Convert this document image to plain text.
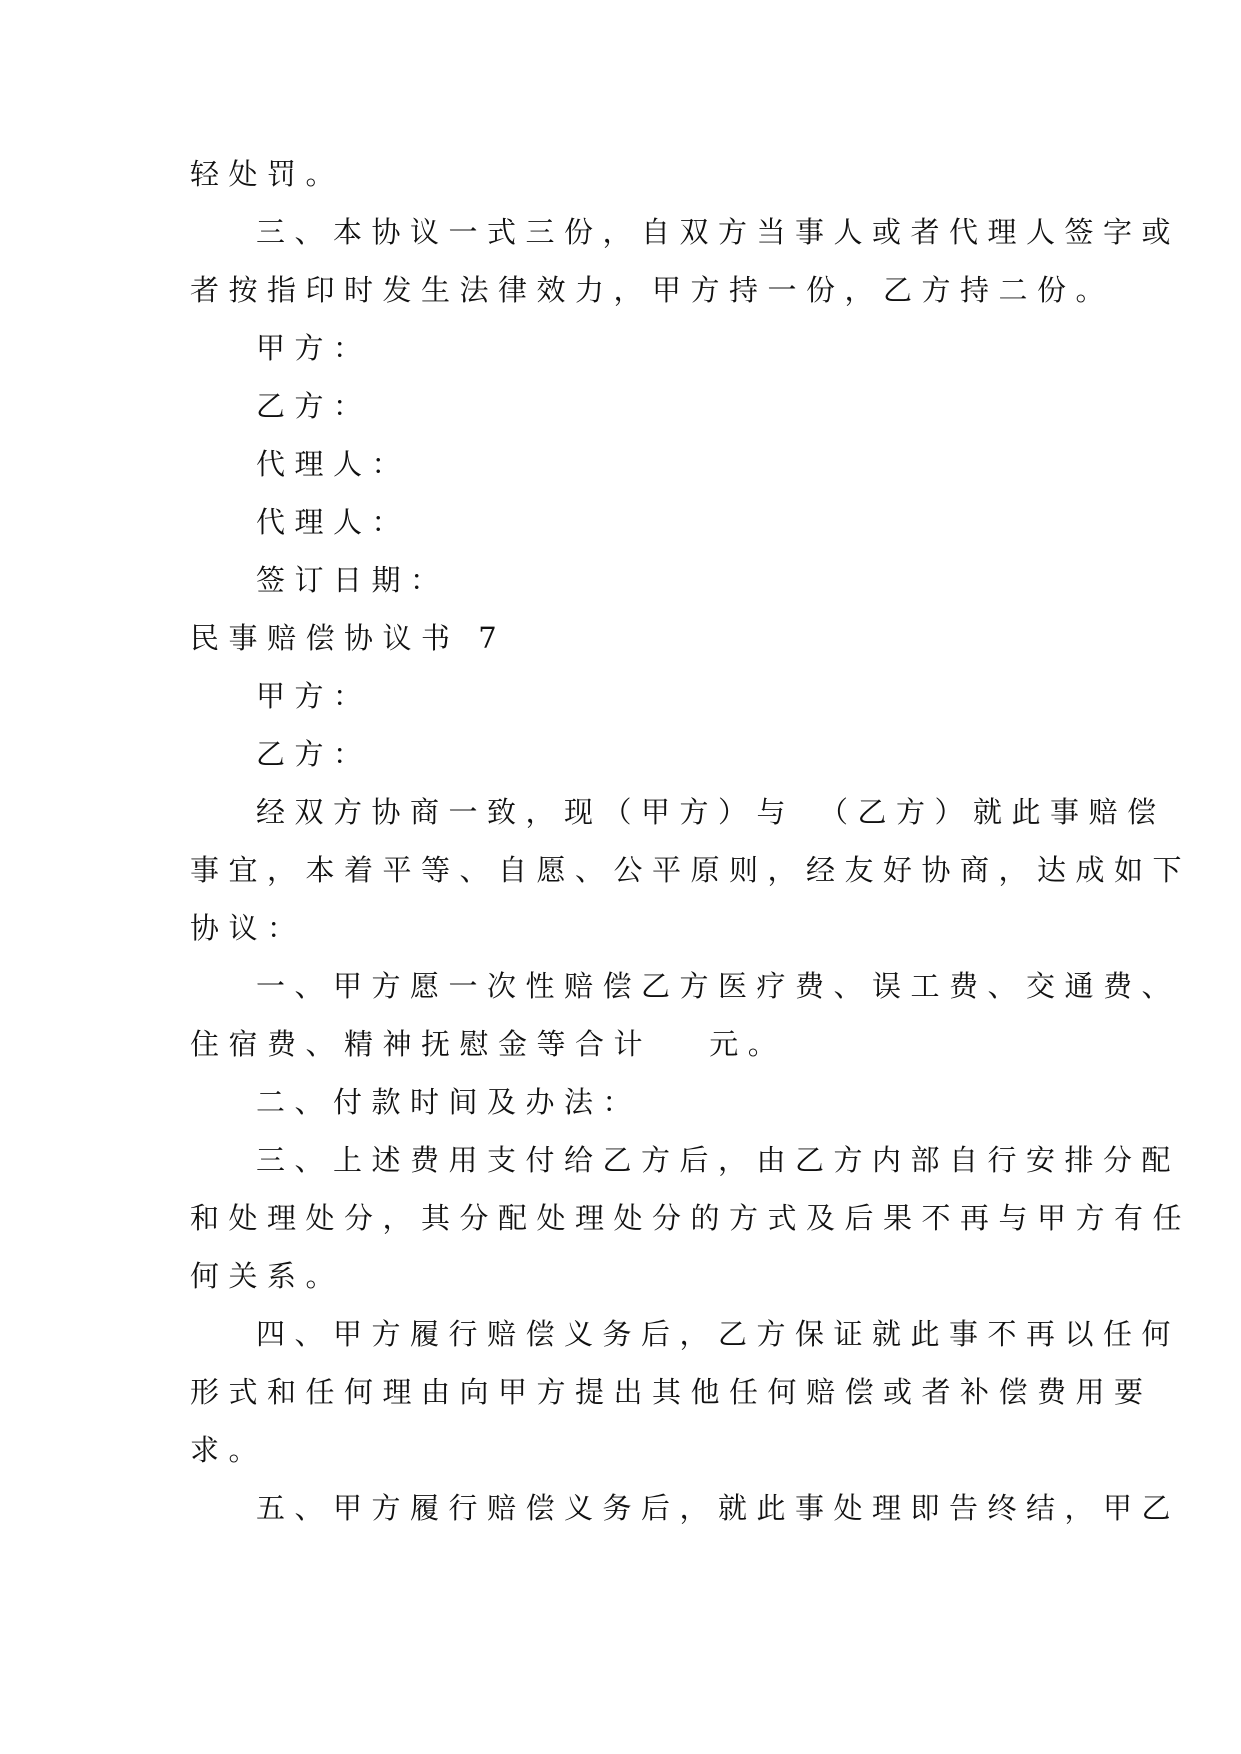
轻处罚。
三、本协议一式三份，自双方当事人或者代理人签字或
者按指印时发生法律效力，甲方持一份，乙方持二份。
甲方：
乙方：
代理人：
代理人：
签订日期：
民事赔偿协议书 7
甲方：
乙方：
经双方协商一致，现（甲方）与　（乙方）就此事赔偿
事宜，本着平等、自愿、公平原则，经友好协商，达成如下
协议：
一、甲方愿一次性赔偿乙方医疗费、误工费、交通费、
住宿费、精神抚慰金等合计　 元。
二、付款时间及办法：
三、上述费用支付给乙方后，由乙方内部自行安排分配
和处理处分，其分配处理处分的方式及后果不再与甲方有任
何关系。
四、甲方履行赔偿义务后，乙方保证就此事不再以任何
形式和任何理由向甲方提出其他任何赔偿或者补偿费用要
求。
五、甲方履行赔偿义务后，就此事处理即告终结，甲乙
